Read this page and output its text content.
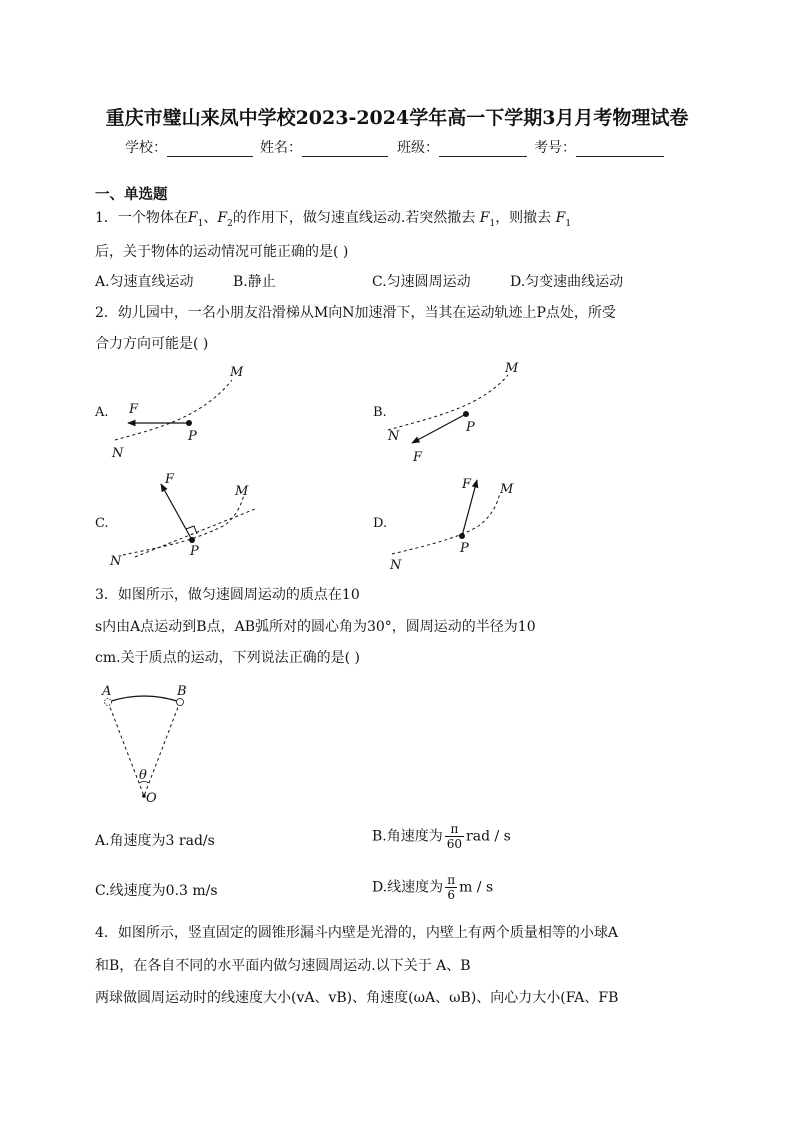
重庆市璧山来凤中学校2023-2024学年高一下学期3月月考物理试卷
学校：	姓名：	班级：	考号：
一、单选题
1．一个物体在$F_1$、$F_2$的作用下，做匀速直线运动.若突然撤去 $F_1$，则撤去 $F_1$
后，关于物体的运动情况可能正确的是( )
A.匀速直线运动	B.静止	C.匀速圆周运动	D.匀变速曲线运动
2．幼儿园中，一名小朋友沿滑梯从M向N加速滑下，当其在运动轨迹上P点处，所受
合力方向可能是( )
A.	B.
C.	D.
M
F
P
N
M
P
N
F
F
M
P
N
F M
P
N
A	B
θ
O
3．如图所示，做匀速圆周运动的质点在10
s内由A点运动到B点，AB弧所对的圆心角为30°，圆周运动的半径为10
cm.关于质点的运动，下列说法正确的是( )
A.角速度为3 rad/s	B.角速度为 $\frac{\pi}{60}$ rad / s
C.线速度为0.3 m/s	D.线速度为 $\frac{\pi}{6}$ m / s
4．如图所示，竖直固定的圆锥形漏斗内壁是光滑的，内壁上有两个质量相等的小球A
和B，在各自不同的水平面内做匀速圆周运动.以下关于 A、B
两球做圆周运动时的线速度大小(vA、vB)、角速度(ωA、ωB)、向心力大小(FA、FB
